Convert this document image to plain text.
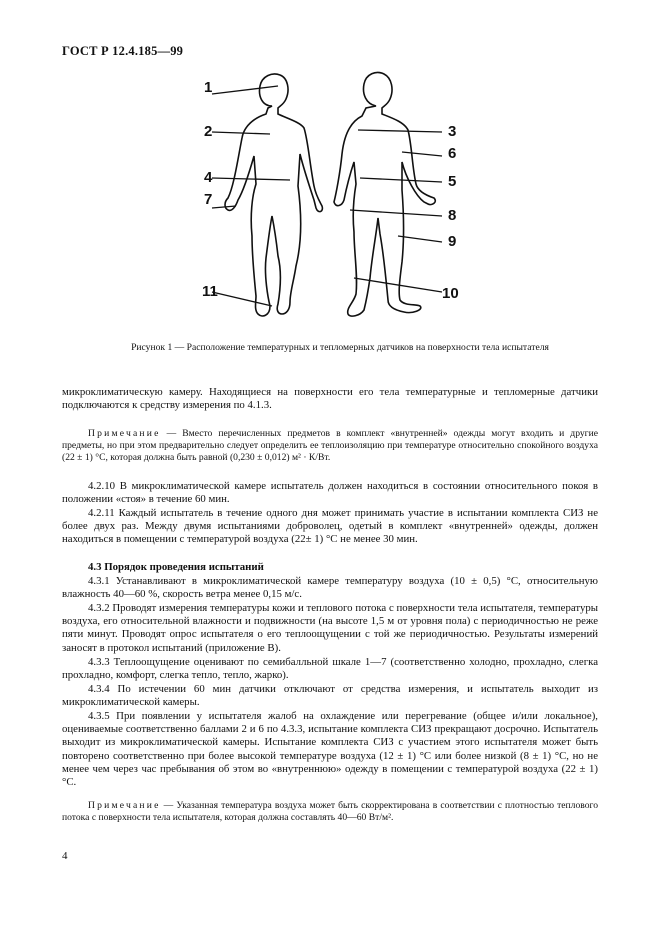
ГОСТ Р 12.4.185—99
1
2	3
4	5
6
7
8
9
10
11
Рисунок 1 — Расположение температурных и тепломерных датчиков на поверхности тела испытателя

микроклиматическую камеру. Находящиеся на поверхности его тела температурные и тепломерные датчики подключаются к средству измерения по 4.1.3.

Примечание — Вместо перечисленных предметов в комплект «внутренней» одежды могут входить и другие предметы, но при этом предварительно следует определить ее теплоизоляцию при температуре относительно спокойного воздуха (22 ± 1) °С, которая должна быть равной (0,230 ± 0,012) м² · К/Вт.

4.2.10 В микроклиматической камере испытатель должен находиться в состоянии относительного покоя в положении «стоя» в течение 60 мин.

4.2.11 Каждый испытатель в течение одного дня может принимать участие в испытании комплекта СИЗ не более двух раз. Между двумя испытаниями доброволец, одетый в комплект «внутренней» одежды, должен находиться в помещении с температурой воздуха (22± 1) °С не менее 30 мин.

4.3 Порядок проведения испытаний

4.3.1 Устанавливают в микроклиматической камере температуру воздуха (10 ± 0,5) °С, относительную влажность 40—60 %, скорость ветра менее 0,15 м/с.

4.3.2 Проводят измерения температуры кожи и теплового потока с поверхности тела испытателя, температуры воздуха, его относительной влажности и подвижности (на высоте 1,5 м от уровня пола) с периодичностью не реже пяти минут. Проводят опрос испытателя о его теплоощущении с той же периодичностью. Результаты измерений заносят в протокол испытаний (приложение В).

4.3.3 Теплоощущение оценивают по семибалльной шкале 1—7 (соответственно холодно, прохладно, слегка прохладно, комфорт, слегка тепло, тепло, жарко).

4.3.4 По истечении 60 мин датчики отключают от средства измерения, и испытатель выходит из микроклиматической камеры.

4.3.5 При появлении у испытателя жалоб на охлаждение или перегревание (общее и/или локальное), оцениваемые соответственно баллами 2 и 6 по 4.3.3, испытание комплекта СИЗ прекращают досрочно. Испытатель выходит из микроклиматической камеры. Испытание комплекта СИЗ с участием этого испытателя может быть повторено соответственно при более высокой температуре воздуха (12 ± 1) °С или более низкой (8 ± 1) °С, но не менее чем через час пребывания об этом во «внутреннюю» одежду в помещении с температурой воздуха (22 ± 1) °С.

Примечание — Указанная температура воздуха может быть скорректирована в соответствии с плотностью теплового потока с поверхности тела испытателя, которая должна составлять 40—60 Вт/м².
4
